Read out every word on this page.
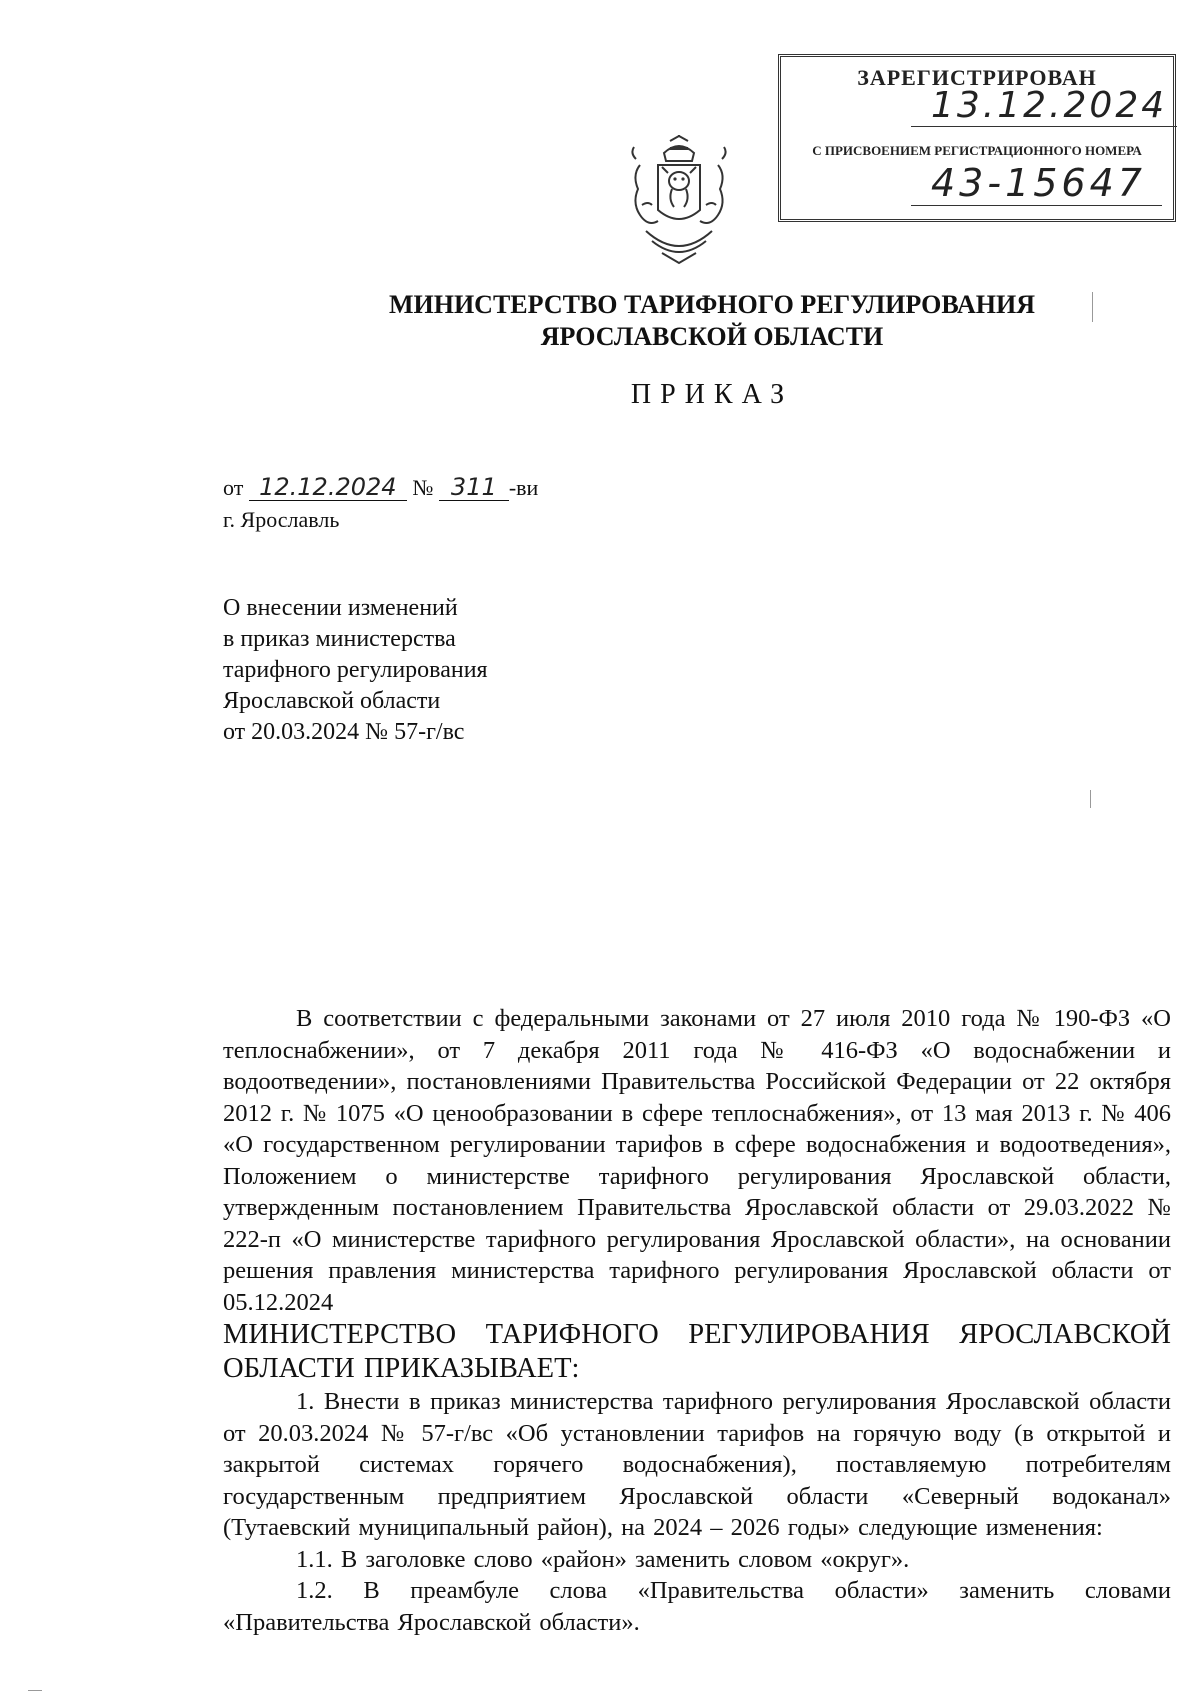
ЗАРЕГИСТРИРОВАН
13.12.2024
С ПРИСВОЕНИЕМ РЕГИСТРАЦИОННОГО НОМЕРА
43-15647
МИНИСТЕРСТВО ТАРИФНОГО РЕГУЛИРОВАНИЯ
ЯРОСЛАВСКОЙ ОБЛАСТИ
ПРИКАЗ
от 12.12.2024 № 311 -ви
г. Ярославль
О внесении изменений
в приказ министерства
тарифного регулирования
Ярославской области
от 20.03.2024 № 57-г/вс

В соответствии с федеральными законами от 27 июля 2010 года № 190-ФЗ «О теплоснабжении», от 7 декабря 2011 года № 416-ФЗ «О водоснабжении и водоотведении», постановлениями Правительства Российской Федерации от 22 октября 2012 г. № 1075 «О ценообразовании в сфере теплоснабжения», от 13 мая 2013 г. № 406 «О государственном регулировании тарифов в сфере водоснабжения и водоотведения», Положением о министерстве тарифного регулирования Ярославской области, утвержденным постановлением Правительства Ярославской области от 29.03.2022 № 222-п «О министерстве тарифного регулирования Ярославской области», на основании решения правления министерства тарифного регулирования Ярославской области от 05.12.2024

МИНИСТЕРСТВО ТАРИФНОГО РЕГУЛИРОВАНИЯ ЯРОСЛАВСКОЙ ОБЛАСТИ ПРИКАЗЫВАЕТ:

1. Внести в приказ министерства тарифного регулирования Ярославской области от 20.03.2024 № 57-г/вс «Об установлении тарифов на горячую воду (в открытой и закрытой системах горячего водоснабжения), поставляемую потребителям государственным предприятием Ярославской области «Северный водоканал» (Тутаевский муниципальный район), на 2024 – 2026 годы» следующие изменения:

1.1. В заголовке слово «район» заменить словом «округ».

1.2. В преамбуле слова «Правительства области» заменить словами «Правительства Ярославской области».
